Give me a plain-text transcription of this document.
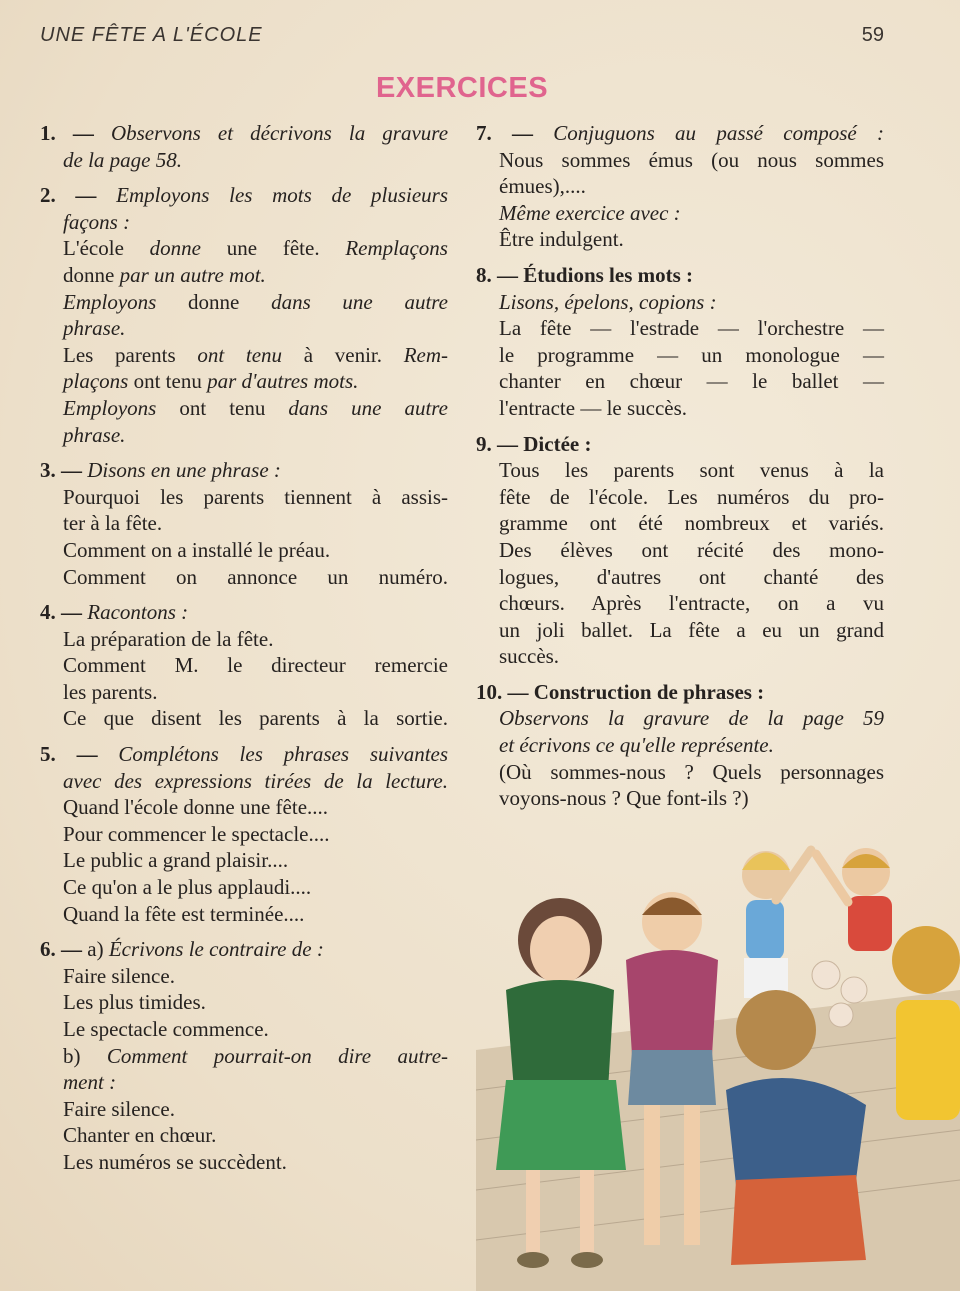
UNE FÊTE A L'ÉCOLE	59
EXERCICES
1. — Observons et décrivons la gravure
de la page 58.
2. — Employons les mots de plusieurs
façons :
L'école donne une fête. Remplaçons
donne par un autre mot.
Employons donne dans une autre
phrase.
Les parents ont tenu à venir. Rem-
plaçons ont tenu par d'autres mots.
Employons ont tenu dans une autre
phrase.
3. — Disons en une phrase :
Pourquoi les parents tiennent à assis-
ter à la fête.
Comment on a installé le préau.
Comment on annonce un numéro.
4. — Racontons :
La préparation de la fête.
Comment M. le directeur remercie
les parents.
Ce que disent les parents à la sortie.
5. — Complétons les phrases suivantes
avec des expressions tirées de la lecture.
Quand l'école donne une fête....
Pour commencer le spectacle....
Le public a grand plaisir....
Ce qu'on a le plus applaudi....
Quand la fête est terminée....
6. — a) Écrivons le contraire de :
Faire silence.
Les plus timides.
Le spectacle commence.
b) Comment pourrait-on dire autre-
ment :
Faire silence.
Chanter en chœur.
Les numéros se succèdent.
7. — Conjuguons au passé composé :
Nous sommes émus (ou nous sommes
émues),....
Même exercice avec :
Être indulgent.
8. — Étudions les mots :
Lisons, épelons, copions :
La fête — l'estrade — l'orchestre —
le programme — un monologue —
chanter en chœur — le ballet —
l'entracte — le succès.
9. — Dictée :
Tous les parents sont venus à la
fête de l'école. Les numéros du pro-
gramme ont été nombreux et variés.
Des élèves ont récité des mono-
logues, d'autres ont chanté des
chœurs. Après l'entracte, on a vu
un joli ballet. La fête a eu un grand
succès.
10. — Construction de phrases :
Observons la gravure de la page 59
et écrivons ce qu'elle représente.
(Où sommes-nous ? Quels personnages
voyons-nous ? Que font-ils ?)
